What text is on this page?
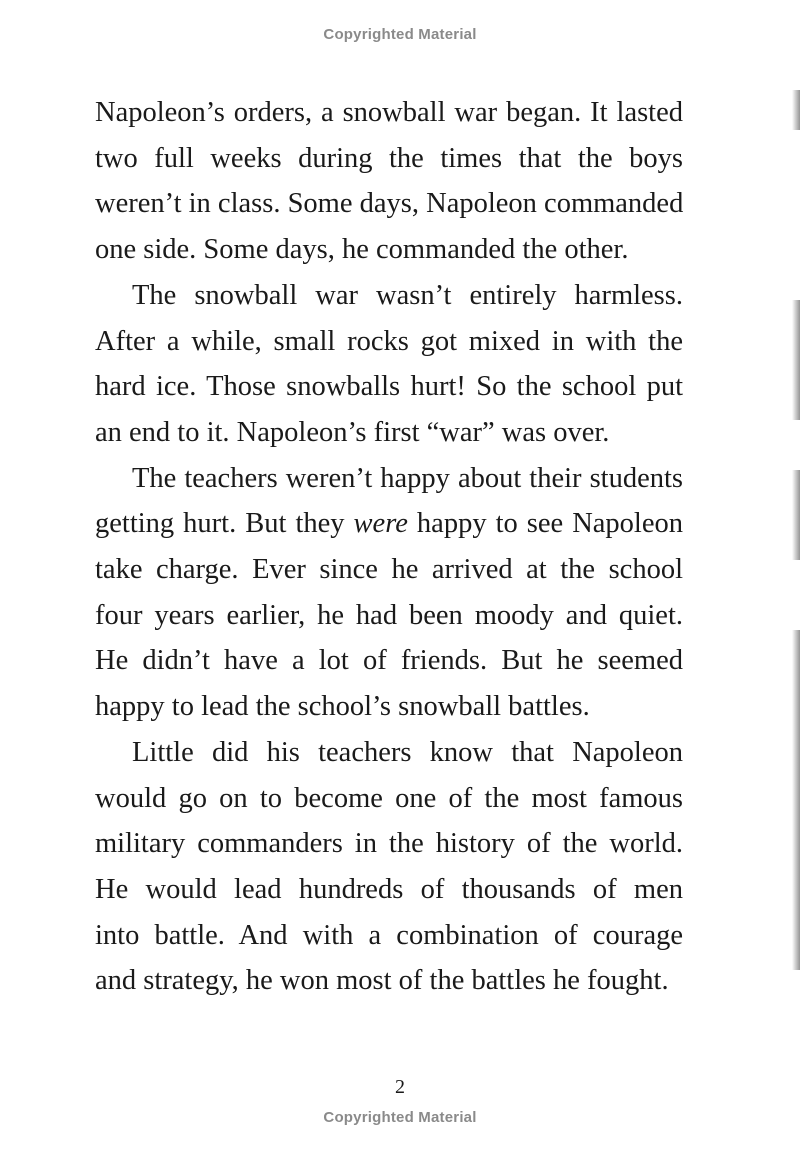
Copyrighted Material

Napoleon’s orders, a snowball war began. It lasted
two full weeks during the times that the boys
weren’t in class. Some days, Napoleon commanded
one side. Some days, he commanded the other.

The snowball war wasn’t entirely harmless.
After a while, small rocks got mixed in with the
hard ice. Those snowballs hurt! So the school put
an end to it. Napoleon’s first “war” was over.

The teachers weren’t happy about their students
getting hurt. But they were happy to see Napoleon
take charge. Ever since he arrived at the school
four years earlier, he had been moody and quiet.
He didn’t have a lot of friends. But he seemed
happy to lead the school’s snowball battles.

Little did his teachers know that Napoleon
would go on to become one of the most famous
military commanders in the history of the world.
He would lead hundreds of thousands of men
into battle. And with a combination of courage
and strategy, he won most of the battles he fought.

2
Copyrighted Material
